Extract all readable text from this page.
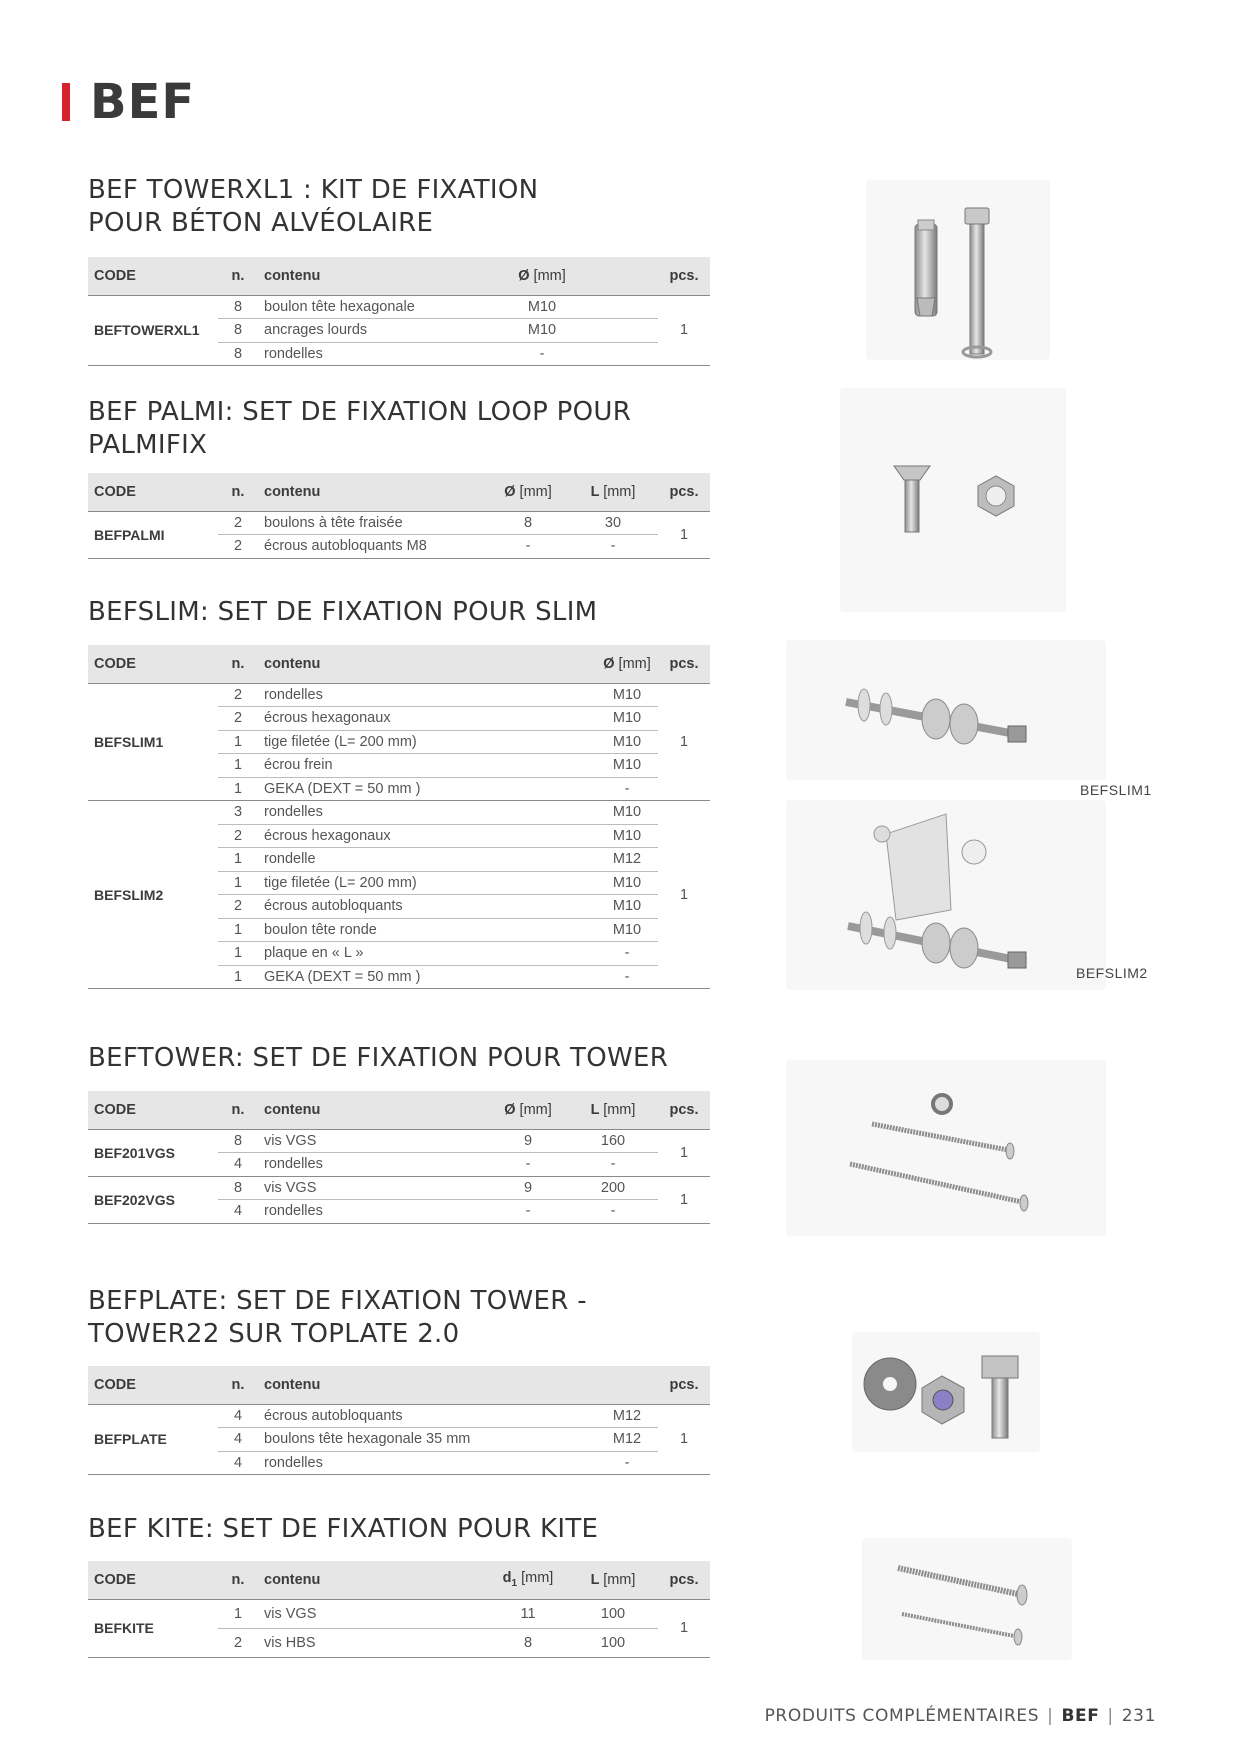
BEF
BEF TOWERXL1 : KIT DE FIXATION
POUR BÉTON ALVÉOLAIRE
CODE	n.	contenu	Ø [mm]		pcs.
BEFTOWERXL1	8	boulon tête hexagonale	M10		1
	8	ancrages lourds	M10		
	8	rondelles	-		
BEF PALMI: SET DE FIXATION LOOP POUR
PALMIFIX
CODE	n.	contenu	Ø [mm]	L [mm]	pcs.
BEFPALMI	2	boulons à tête fraisée	8	30	1
	2	écrous autobloquants M8	-	-	
BEFSLIM: SET DE FIXATION POUR SLIM
CODE	n.	contenu		Ø [mm]	pcs.
BEFSLIM1	2	rondelles		M10	1
	2	écrous hexagonaux		M10	
	1	tige filetée (L= 200 mm)		M10	
	1	écrou frein		M10	
	1	GEKA (DEXT = 50 mm )		-	
BEFSLIM2	3	rondelles		M10	1
	2	écrous hexagonaux		M10	
	1	rondelle		M12	
	1	tige filetée (L= 200 mm)		M10	
	2	écrous autobloquants		M10	
	1	boulon tête ronde		M10	
	1	plaque en « L »		-	
	1	GEKA (DEXT = 50 mm )		-	
BEFTOWER: SET DE FIXATION POUR TOWER
CODE	n.	contenu	Ø [mm]	L [mm]	pcs.
BEF201VGS	8	vis VGS	9	160	1
	4	rondelles	-	-	
BEF202VGS	8	vis VGS	9	200	1
	4	rondelles	-	-	
BEFPLATE: SET DE FIXATION TOWER -
TOWER22 SUR TOPLATE 2.0
CODE	n.	contenu			pcs.
BEFPLATE	4	écrous autobloquants		M12	1
	4	boulons tête hexagonale 35 mm		M12	
	4	rondelles		-	
BEF KITE: SET DE FIXATION POUR KITE
CODE	n.	contenu	$d_1$ [mm]	L [mm]	pcs.
BEFKITE	1	vis VGS	11	100	1
	2	vis HBS	8	100	
BEFSLIM1
BEFSLIM2
PRODUITS COMPLÉMENTAIRES | BEF | 231
